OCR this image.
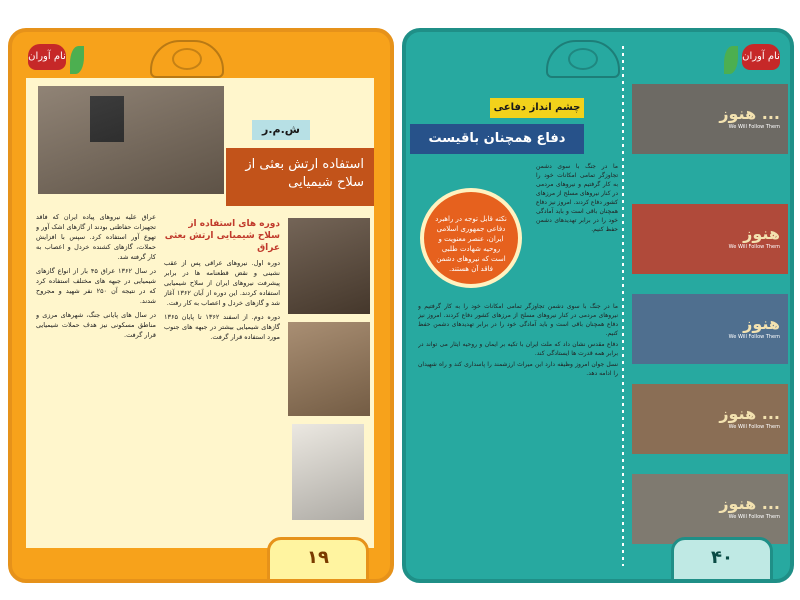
نام آوران
ش.م.ر
استفاده ارتش بعثی از سلاح شیمیایی
دوره های استفاده از سلاح شیمیایی ارتش بعثی عراق

دوره اول. نیروهای عراقی پس از عقب نشینی و نقض قطعنامه ها در برابر پیشرفت نیروهای ایران از سلاح شیمیایی استفاده کردند. این دوره از آبان ۱۳۶۲ آغاز شد و گازهای خردل و اعصاب به کار رفت.

دوره دوم. از اسفند ۱۳۶۲ تا پایان ۱۳۶۵ گازهای شیمیایی بیشتر در جبهه های جنوب مورد استفاده قرار گرفت.

عراق علیه نیروهای پیاده ایران که فاقد تجهیزات حفاظتی بودند از گازهای اشک آور و تهوع آور استفاده کرد. سپس با افزایش حملات، گازهای کشنده خردل و اعصاب به کار گرفته شد.

در سال ۱۳۶۲ عراق ۴۵ بار از انواع گازهای شیمیایی در جبهه های مختلف استفاده کرد که در نتیجه آن ۲۵۰ نفر شهید و مجروح شدند.

در سال های پایانی جنگ، شهرهای مرزی و مناطق مسکونی نیز هدف حملات شیمیایی قرار گرفت.

۱۹
نام آوران
چشم انداز دفاعی
دفاع همچنان باقیست
نکته قابل توجه در راهبرد دفاعی جمهوری اسلامی ایران، عنصر معنویت و روحیه شهادت طلبی است که نیروهای دشمن فاقد آن هستند.

ما در جنگ با سوی دشمن تجاوزگر تمامی امکانات خود را به کار گرفتیم و نیروهای مردمی در کنار نیروهای مسلح از مرزهای کشور دفاع کردند. امروز نیز دفاع همچنان باقی است و باید آمادگی خود را در برابر تهدیدهای دشمن حفظ کنیم.

دفاع مقدس نشان داد که ملت ایران با تکیه بر ایمان و روحیه ایثار می تواند در برابر همه قدرت ها ایستادگی کند.

نسل جوان امروز وظیفه دارد این میراث ارزشمند را پاسداری کند و راه شهیدان را ادامه دهد.

ما در جنگ با سوی دشمن تجاوزگر تمامی امکانات خود را به کار گرفتیم و نیروهای مردمی در کنار نیروهای مسلح از مرزهای کشور دفاع کردند. امروز نیز دفاع همچنان باقی است و باید آمادگی خود را در برابر تهدیدهای دشمن حفظ کنیم.

هنوز ...
We Will Follow Them
هنوز
We Will Follow Them
هنوز
We Will Follow Them
هنوز ...
We Will Follow Them
هنوز ...
We Will Follow Them
۴۰
